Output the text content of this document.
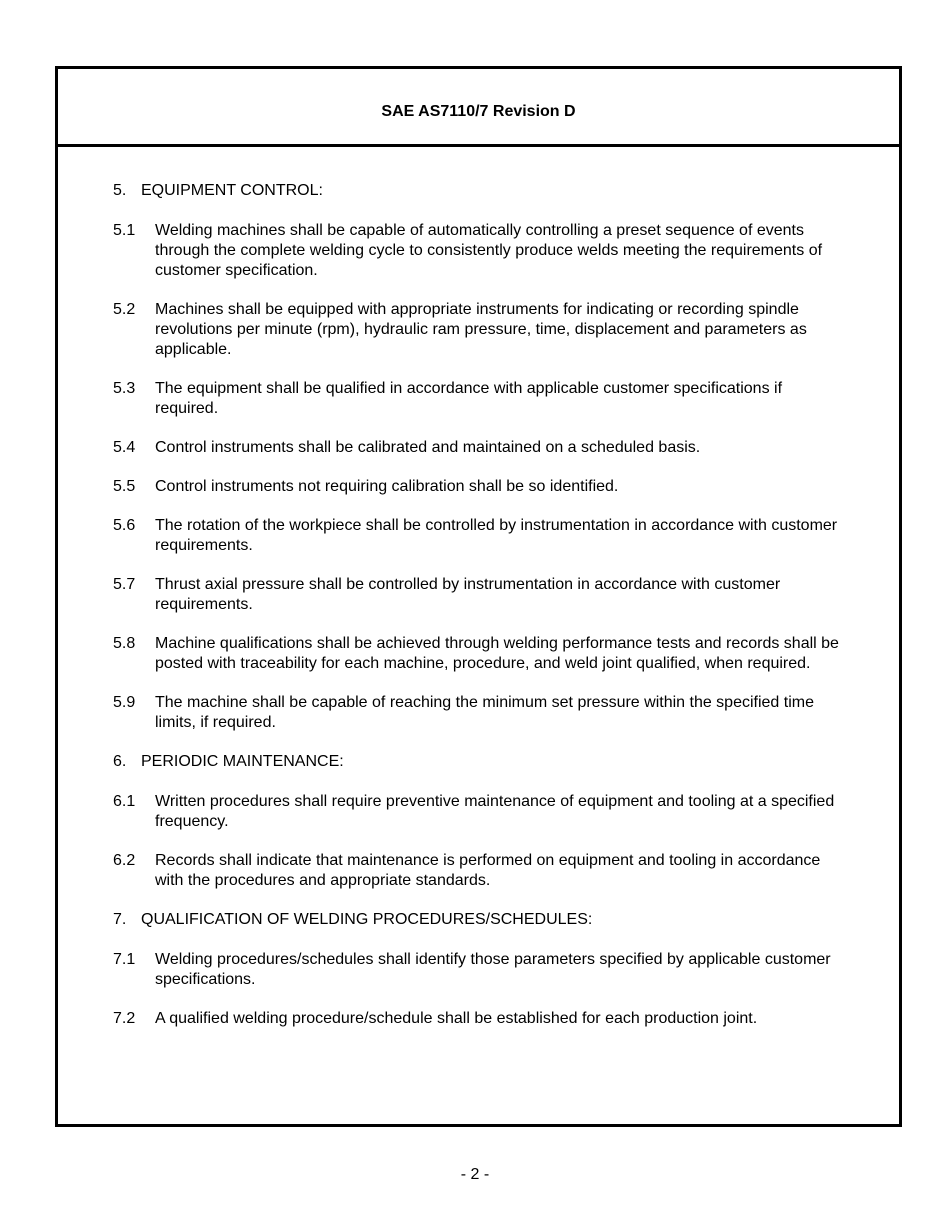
SAE AS7110/7 Revision D
5. EQUIPMENT CONTROL:
5.1	Welding machines shall be capable of automatically controlling a preset sequence of events through the complete welding cycle to consistently produce welds meeting the requirements of customer specification.
5.2	Machines shall be equipped with appropriate instruments for indicating or recording spindle revolutions per minute (rpm), hydraulic ram pressure, time, displacement and parameters as applicable.
5.3	The equipment shall be qualified in accordance with applicable customer specifications if required.
5.4	Control instruments shall be calibrated and maintained on a scheduled basis.
5.5	Control instruments not requiring calibration shall be so identified.
5.6	The rotation of the workpiece shall be controlled by instrumentation in accordance with customer requirements.
5.7	Thrust axial pressure shall be controlled by instrumentation in accordance with customer requirements.
5.8	Machine qualifications shall be achieved through welding performance tests and records shall be posted with traceability for each machine, procedure, and weld joint qualified, when required.
5.9	The machine shall be capable of reaching the minimum set pressure within the specified time limits, if required.
6. PERIODIC MAINTENANCE:
6.1	Written procedures shall require preventive maintenance of equipment and tooling at a specified frequency.
6.2	Records shall indicate that maintenance is performed on equipment and tooling in accordance with the procedures and appropriate standards.
7. QUALIFICATION OF WELDING PROCEDURES/SCHEDULES:
7.1	Welding procedures/schedules shall identify those parameters specified by applicable customer specifications.
7.2	A qualified welding procedure/schedule shall be established for each production joint.
- 2 -
